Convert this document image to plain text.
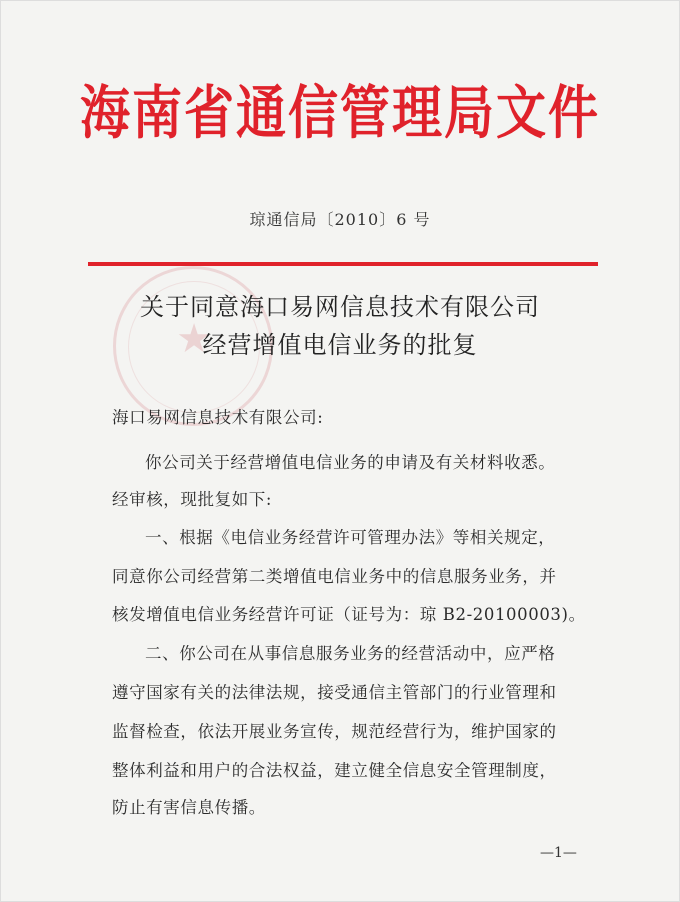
海南省通信管理局文件
琼通信局〔2010〕6 号
★
关于同意海口易网信息技术有限公司
经营增值电信业务的批复
海口易网信息技术有限公司:
你公司关于经营增值电信业务的申请及有关材料收悉。
经审核，现批复如下:
一、根据《电信业务经营许可管理办法》等相关规定，
同意你公司经营第二类增值电信业务中的信息服务业务，并
核发增值电信业务经营许可证（证号为：琼 B2-20100003)。
二、你公司在从事信息服务业务的经营活动中，应严格
遵守国家有关的法律法规，接受通信主管部门的行业管理和
监督检查，依法开展业务宣传，规范经营行为，维护国家的
整体利益和用户的合法权益，建立健全信息安全管理制度，
防止有害信息传播。
—1—
